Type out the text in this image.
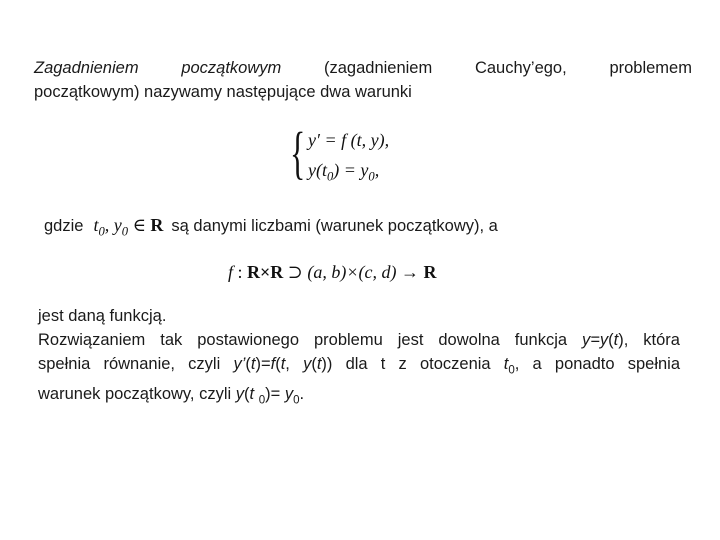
Zagadnieniem	początkowym	(zagadnieniem	Cauchy’ego,	problemem
początkowym) nazywamy następujące dwa warunki
{ y′ = f (t, y),
$y(t_0) = y_0$,
gdzie $t_0$, $y_0$ ∈ R są danymi liczbami (warunek początkowy), a
f : R×R ⊃ (a, b)×(c, d) → R
jest daną funkcją.
Rozwiązaniem tak postawionego problemu jest dowolna funkcja y=y(t), która
spełnia równanie, czyli y’(t)=f(t, y(t)) dla t z otoczenia $t_0$, a ponadto spełnia
warunek początkowy, czyli y(t $_0)= y_0$.
